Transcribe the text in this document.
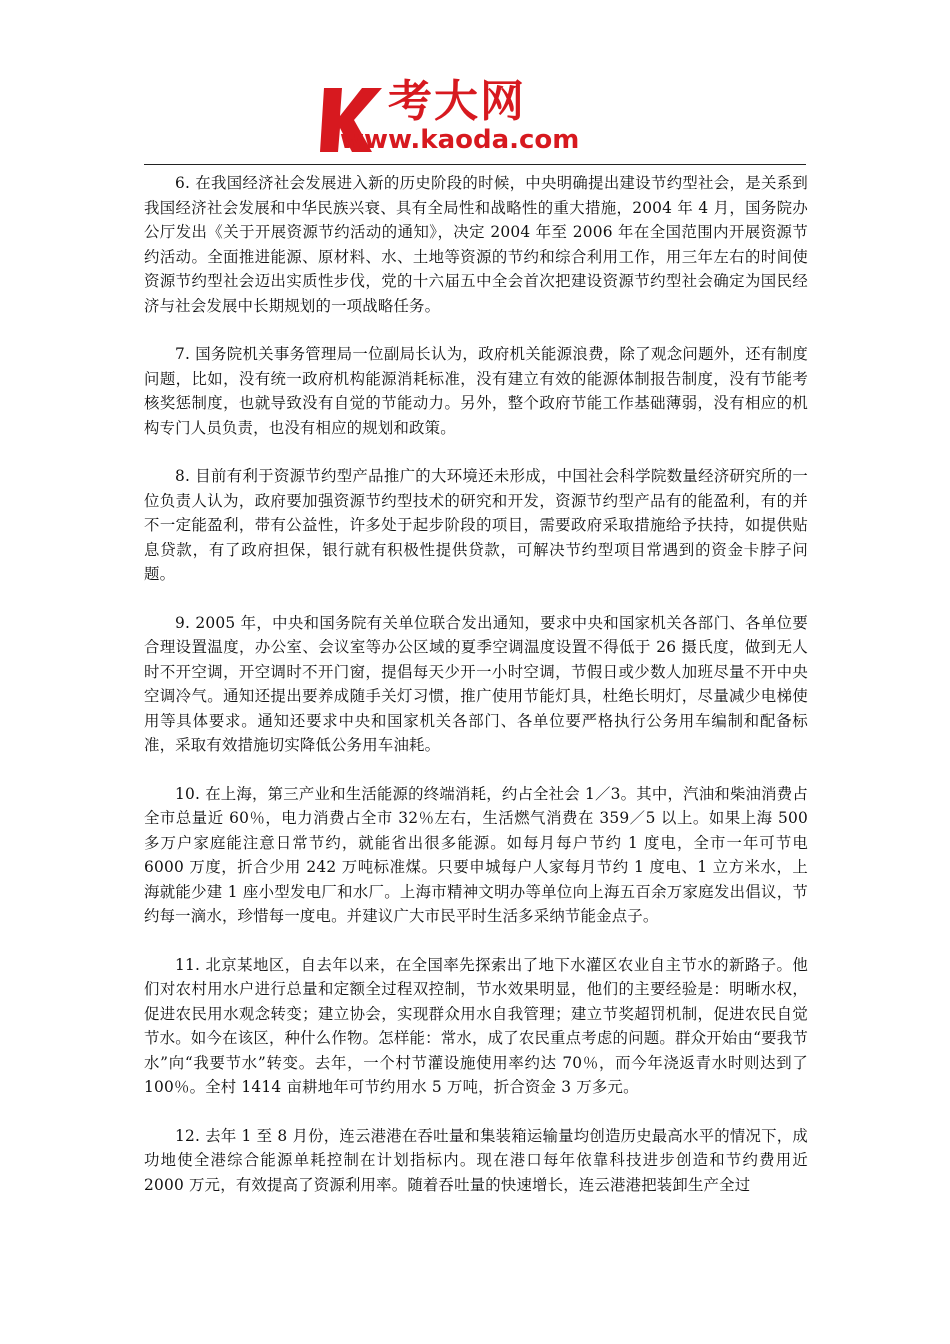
K 考大网
www.kaoda.com

6. 在我国经济社会发展进入新的历史阶段的时候，中央明确提出建设节约型社会，是关系到我国经济社会发展和中华民族兴衰、具有全局性和战略性的重大措施，2004 年 4 月，国务院办公厅发出《关于开展资源节约活动的通知》，决定 2004 年至 2006 年在全国范围内开展资源节约活动。全面推进能源、原材料、水、土地等资源的节约和综合利用工作，用三年左右的时间使资源节约型社会迈出实质性步伐，党的十六届五中全会首次把建设资源节约型社会确定为国民经济与社会发展中长期规划的一项战略任务。

7. 国务院机关事务管理局一位副局长认为，政府机关能源浪费，除了观念问题外，还有制度问题，比如，没有统一政府机构能源消耗标准，没有建立有效的能源体制报告制度，没有节能考核奖惩制度，也就导致没有自觉的节能动力。另外，整个政府节能工作基础薄弱，没有相应的机构专门人员负责，也没有相应的规划和政策。

8. 目前有利于资源节约型产品推广的大环境还未形成，中国社会科学院数量经济研究所的一位负责人认为，政府要加强资源节约型技术的研究和开发，资源节约型产品有的能盈利，有的并不一定能盈利，带有公益性，许多处于起步阶段的项目，需要政府采取措施给予扶持，如提供贴息贷款，有了政府担保，银行就有积极性提供贷款，可解决节约型项目常遇到的资金卡脖子问题。

9. 2005 年，中央和国务院有关单位联合发出通知，要求中央和国家机关各部门、各单位要合理设置温度，办公室、会议室等办公区域的夏季空调温度设置不得低于 26 摄氏度，做到无人时不开空调，开空调时不开门窗，提倡每天少开一小时空调，节假日或少数人加班尽量不开中央空调冷气。通知还提出要养成随手关灯习惯，推广使用节能灯具，杜绝长明灯，尽量减少电梯使用等具体要求。通知还要求中央和国家机关各部门、各单位要严格执行公务用车编制和配备标准，采取有效措施切实降低公务用车油耗。

10. 在上海，第三产业和生活能源的终端消耗，约占全社会 1／3。其中，汽油和柴油消费占全市总量近 60％，电力消费占全市 32％左右，生活燃气消费在 359／5 以上。如果上海 500 多万户家庭能注意日常节约，就能省出很多能源。如每月每户节约 1 度电，全市一年可节电 6000 万度，折合少用 242 万吨标准煤。只要申城每户人家每月节约 1 度电、1 立方米水，上海就能少建 1 座小型发电厂和水厂。上海市精神文明办等单位向上海五百余万家庭发出倡议，节约每一滴水，珍惜每一度电。并建议广大市民平时生活多采纳节能金点子。

11. 北京某地区，自去年以来，在全国率先探索出了地下水灌区农业自主节水的新路子。他们对农村用水户进行总量和定额全过程双控制，节水效果明显，他们的主要经验是：明晰水权，促进农民用水观念转变；建立协会，实现群众用水自我管理；建立节奖超罚机制，促进农民自觉节水。如今在该区，种什么作物。怎样能：常水，成了农民重点考虑的问题。群众开始由“要我节水”向“我要节水”转变。去年，一个村节灌设施使用率约达 70％，而今年浇返青水时则达到了 100％。全村 1414 亩耕地年可节约用水 5 万吨，折合资金 3 万多元。

12. 去年 1 至 8 月份，连云港港在吞吐量和集装箱运输量均创造历史最高水平的情况下，成功地使全港综合能源单耗控制在计划指标内。现在港口每年依靠科技进步创造和节约费用近 2000 万元，有效提高了资源利用率。随着吞吐量的快速增长，连云港港把装卸生产全过
